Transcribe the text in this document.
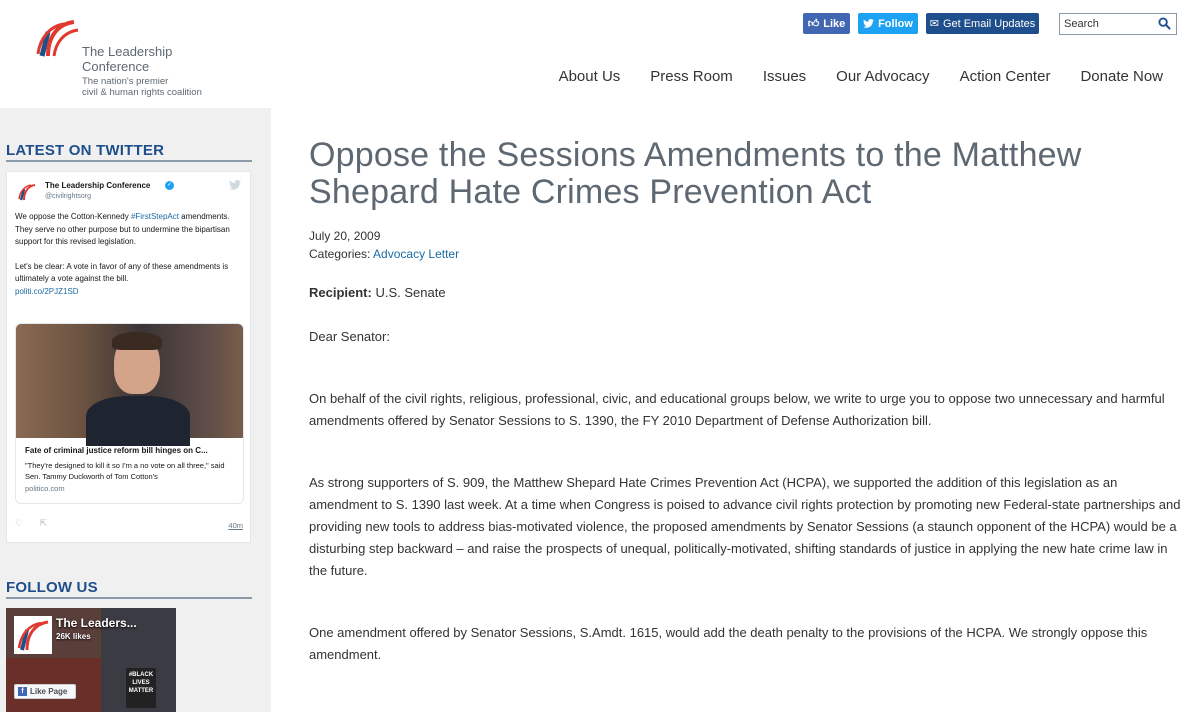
The Leadership
Conference
The nation's premier
civil & human rights coalition
👍︎ Like	Follow ✉︎ Get Email Updates
Search
About Us Press Room Issues Our Advocacy Action Center Donate Now
LATEST ON TWITTER
The Leadership Conference	✓
@civilrightsorg
We oppose the Cotton-Kennedy #FirstStepAct amendments. They serve no other purpose but to undermine the bipartisan support for this revised legislation.
Let's be clear: A vote in favor of any of these amendments is ultimately a vote against the bill.
politi.co/2PJZ1SD
Fate of criminal justice reform bill hinges on C...
"They're designed to kill it so I'm a no vote on all three," said Sen. Tammy Duckworth of Tom Cotton's
politico.com
♡ ⇱	40m
FOLLOW US
#BLACK LIVES MATTER
The Leaders...
26K likes
f Like Page
Oppose the Sessions Amendments to the Matthew Shepard Hate Crimes Prevention Act
July 20, 2009
Categories: Advocacy Letter
Recipient: U.S. Senate
Dear Senator:
On behalf of the civil rights, religious, professional, civic, and educational groups below, we write to urge you to oppose two unnecessary and harmful amendments offered by Senator Sessions to S. 1390, the FY 2010 Department of Defense Authorization bill.
As strong supporters of S. 909, the Matthew Shepard Hate Crimes Prevention Act (HCPA), we supported the addition of this legislation as an amendment to S. 1390 last week. At a time when Congress is poised to advance civil rights protection by promoting new Federal-state partnerships and providing new tools to address bias-motivated violence, the proposed amendments by Senator Sessions (a staunch opponent of the HCPA) would be a disturbing step backward – and raise the prospects of unequal, politically-motivated, shifting standards of justice in applying the new hate crime law in the future.
One amendment offered by Senator Sessions, S.Amdt. 1615, would add the death penalty to the provisions of the HCPA. We strongly oppose this amendment.
